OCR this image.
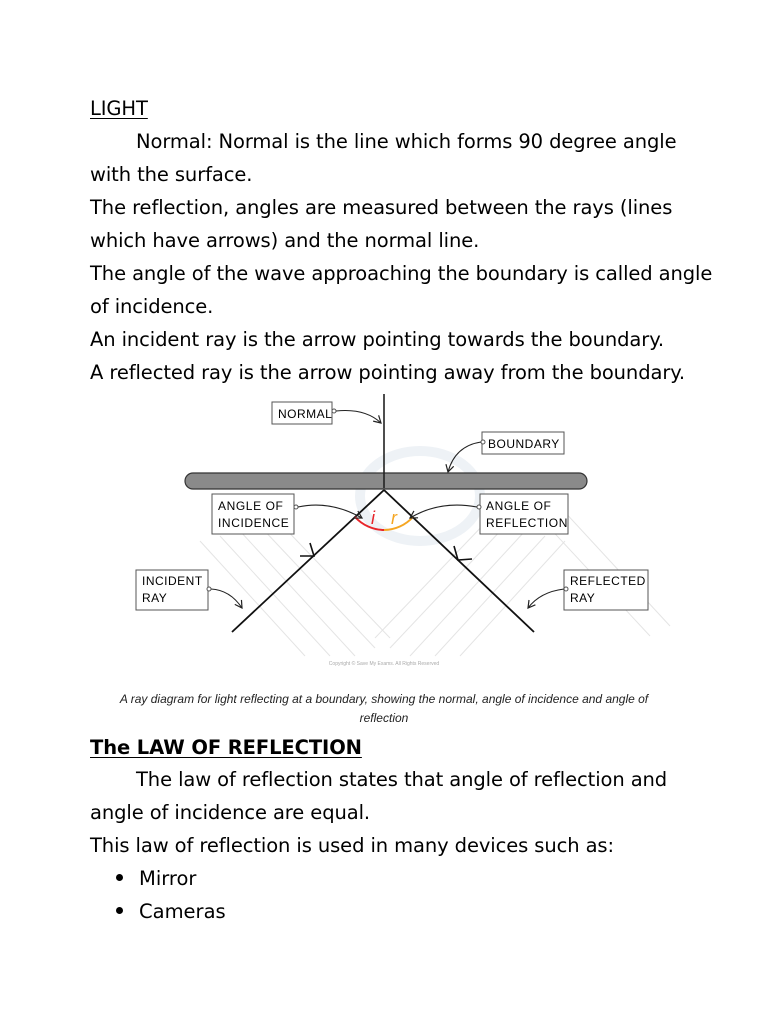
LIGHT
Normal: Normal is the line which forms 90 degree angle
with the surface.
The reflection, angles are measured between the rays (lines
which have arrows) and the normal line.
The angle of the wave approaching the boundary is called angle
of incidence.
An incident ray is the arrow pointing towards the boundary.
A reflected ray is the arrow pointing away from the boundary.
i r
NORMAL
BOUNDARY
ANGLE OF
INCIDENCE
ANGLE OF
REFLECTION
INCIDENT
RAY
REFLECTED
RAY
Copyright © Save My Exams. All Rights Reserved
A ray diagram for light reflecting at a boundary, showing the normal, angle of incidence and angle of
reflection
The LAW OF REFLECTION
The law of reflection states that angle of reflection and
angle of incidence are equal.
This law of reflection is used in many devices such as:
Mirror
Cameras
